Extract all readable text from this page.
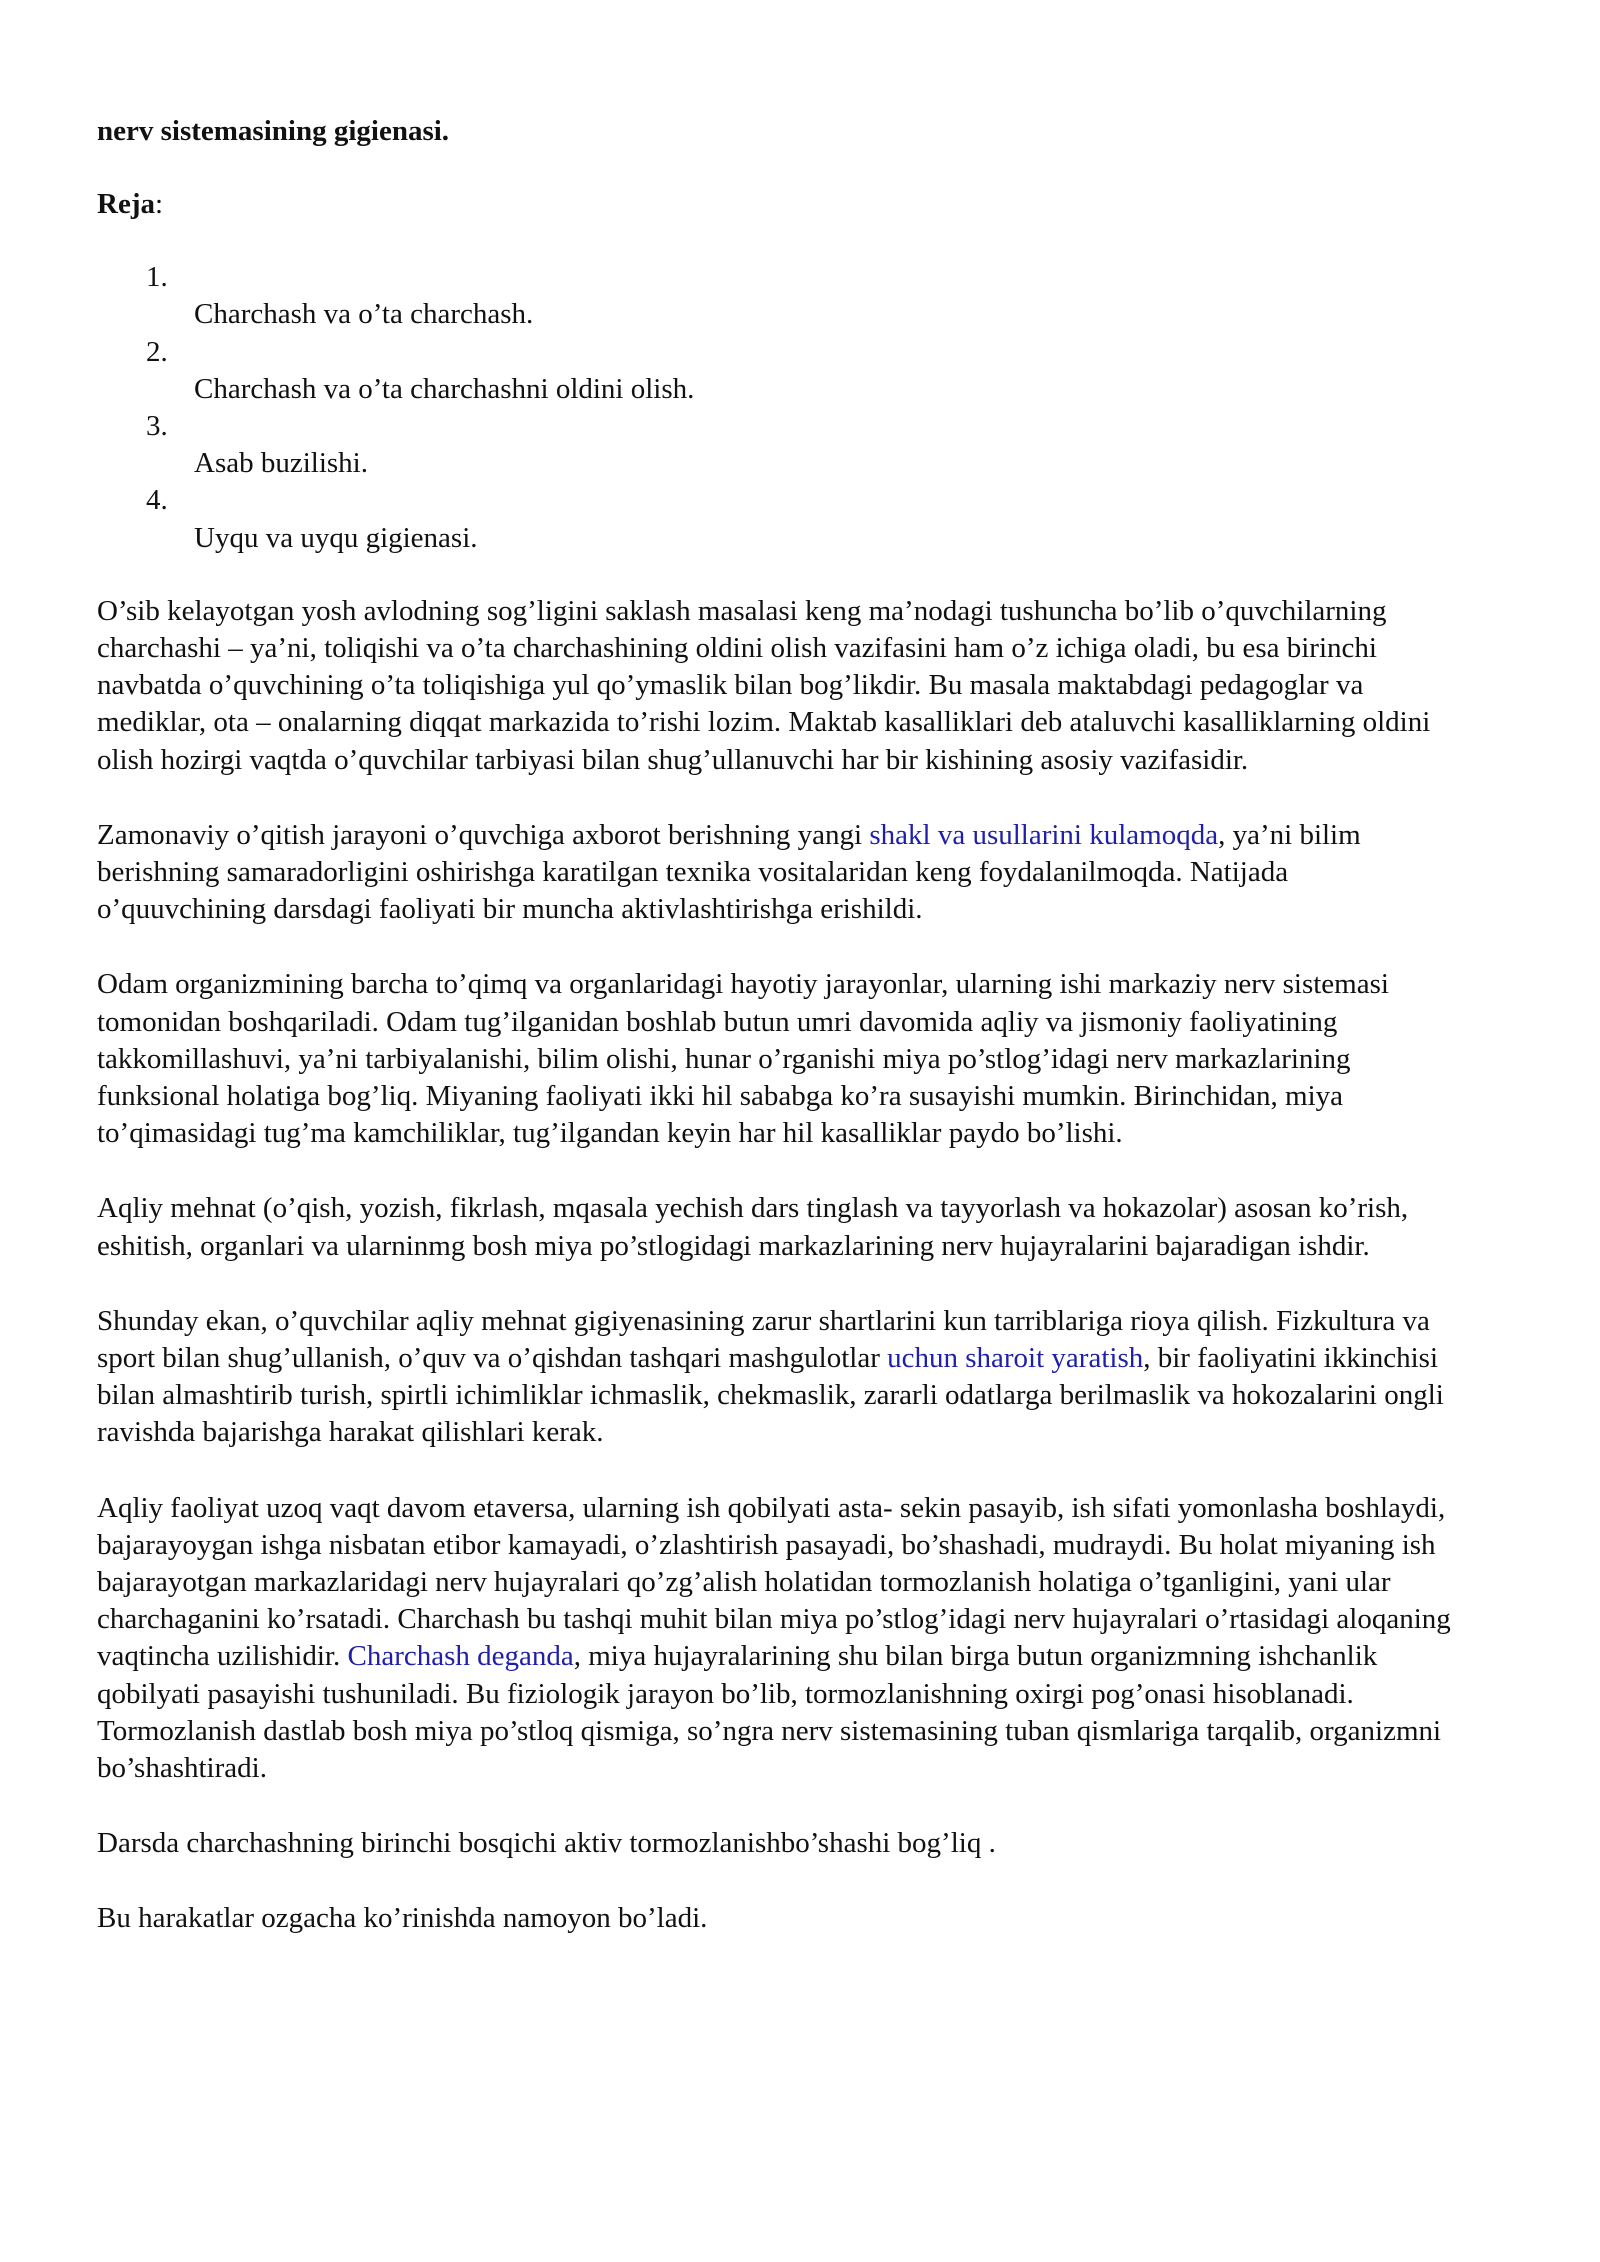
nerv sistemasining gigienasi.
Reja:
1.
Charchash va o’ta charchash.
2.
Charchash va o’ta charchashni oldini olish.
3.
Asab buzilishi.
4.
Uyqu va uyqu gigienasi.

O’sib kelayotgan yosh avlodning sog’ligini saklash masalasi keng ma’nodagi tushuncha bo’lib o’quvchilarning charchashi – ya’ni, toliqishi va o’ta charchashining oldini olish vazifasini ham o’z ichiga oladi, bu esa birinchi navbatda o’quvchining o’ta toliqishiga yul qo’ymaslik bilan bog’likdir. Bu masala maktabdagi pedagoglar va mediklar, ota – onalarning diqqat markazida to’rishi lozim. Maktab kasalliklari deb ataluvchi kasalliklarning oldini olish hozirgi vaqtda o’quvchilar tarbiyasi bilan shug’ullanuvchi har bir kishining asosiy vazifasidir.

Zamonaviy o’qitish jarayoni o’quvchiga axborot berishning yangi shakl va usullarini kulamoqda, ya’ni bilim berishning samaradorligini oshirishga karatilgan texnika vositalaridan keng foydalanilmoqda. Natijada o’quuvchining darsdagi faoliyati bir muncha aktivlashtirishga erishildi.

Odam organizmining barcha to’qimq va organlaridagi hayotiy jarayonlar, ularning ishi markaziy nerv sistemasi tomonidan boshqariladi. Odam tug’ilganidan boshlab butun umri davomida aqliy va jismoniy faoliyatining takkomillashuvi, ya’ni tarbiyalanishi, bilim olishi, hunar o’rganishi miya po’stlog’idagi nerv markazlarining funksional holatiga bog’liq. Miyaning faoliyati ikki hil sababga ko’ra susayishi mumkin. Birinchidan, miya to’qimasidagi tug’ma kamchiliklar, tug’ilgandan keyin har hil kasalliklar paydo bo’lishi.

Aqliy mehnat (o’qish, yozish, fikrlash, mqasala yechish dars tinglash va tayyorlash va hokazolar) asosan ko’rish, eshitish, organlari va ularninmg bosh miya po’stlogidagi markazlarining nerv hujayralarini bajaradigan ishdir.

Shunday ekan, o’quvchilar aqliy mehnat gigiyenasining zarur shartlarini kun tarriblariga rioya qilish. Fizkultura va sport bilan shug’ullanish, o’quv va o’qishdan tashqari mashgulotlar uchun sharoit yaratish, bir faoliyatini ikkinchisi bilan almashtirib turish, spirtli ichimliklar ichmaslik, chekmaslik, zararli odatlarga berilmaslik va hokozalarini ongli ravishda bajarishga harakat qilishlari kerak.

Aqliy faoliyat uzoq vaqt davom etaversa, ularning ish qobilyati asta- sekin pasayib, ish sifati yomonlasha boshlaydi, bajarayoygan ishga nisbatan etibor kamayadi, o’zlashtirish pasayadi, bo’shashadi, mudraydi. Bu holat miyaning ish bajarayotgan markazlaridagi nerv hujayralari qo’zg’alish holatidan tormozlanish holatiga o’tganligini, yani ular charchaganini ko’rsatadi. Charchash bu tashqi muhit bilan miya po’stlog’idagi nerv hujayralari o’rtasidagi aloqaning vaqtincha uzilishidir. Charchash deganda, miya hujayralarining shu bilan birga butun organizmning ishchanlik qobilyati pasayishi tushuniladi. Bu fiziologik jarayon bo’lib, tormozlanishning oxirgi pog’onasi hisoblanadi. Tormozlanish dastlab bosh miya po’stloq qismiga, so’ngra nerv sistemasining tuban qismlariga tarqalib, organizmni bo’shashtiradi.

Darsda charchashning birinchi bosqichi aktiv tormozlanishbo’shashi bog’liq .

Bu harakatlar ozgacha ko’rinishda namoyon bo’ladi.
